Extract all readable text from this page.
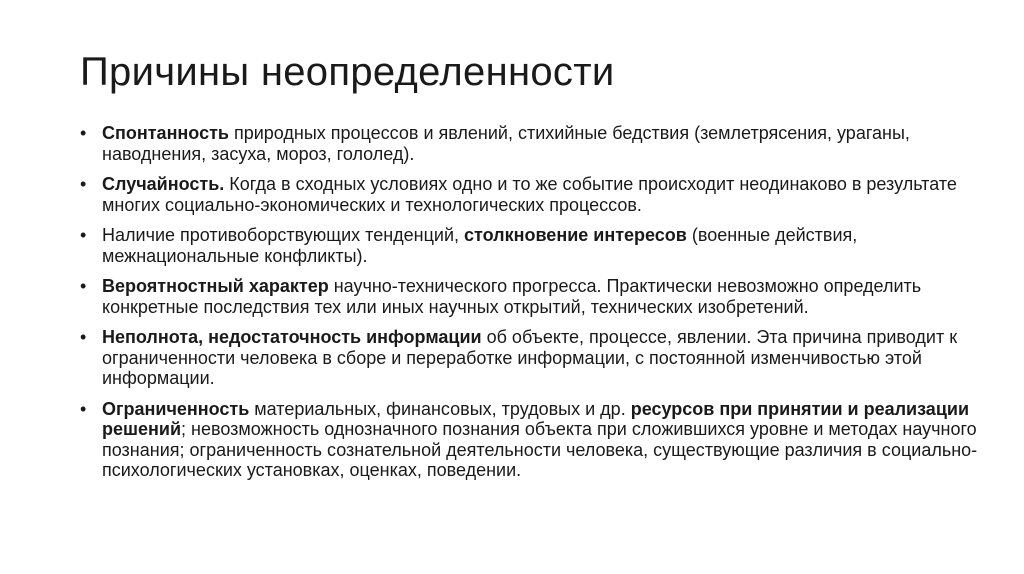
Причины неопределенности
• Спонтанность природных процессов и явлений, стихийные бедствия (землетрясения, ураганы, наводнения, засуха, мороз, гололед).
• Случайность. Когда в сходных условиях одно и то же событие происходит неодинаково в результате многих социально-экономических и технологических процессов.
• Наличие противоборствующих тенденций, столкновение интересов (военные действия, межнациональные конфликты).
• Вероятностный характер научно-технического прогресса. Практически невозможно определить конкретные последствия тех или иных научных открытий, технических изобретений.
• Неполнота, недостаточность информации об объекте, процессе, явлении. Эта причина приводит к ограниченности человека в сборе и переработке информации, с постоянной изменчивостью этой информации.
• Ограниченность материальных, финансовых, трудовых и др. ресурсов при принятии и реализации решений; невозможность однозначного познания объекта при сложившихся уровне и методах научного познания; ограниченность сознательной деятельности человека, существующие различия в социально-психологических установках, оценках, поведении.
